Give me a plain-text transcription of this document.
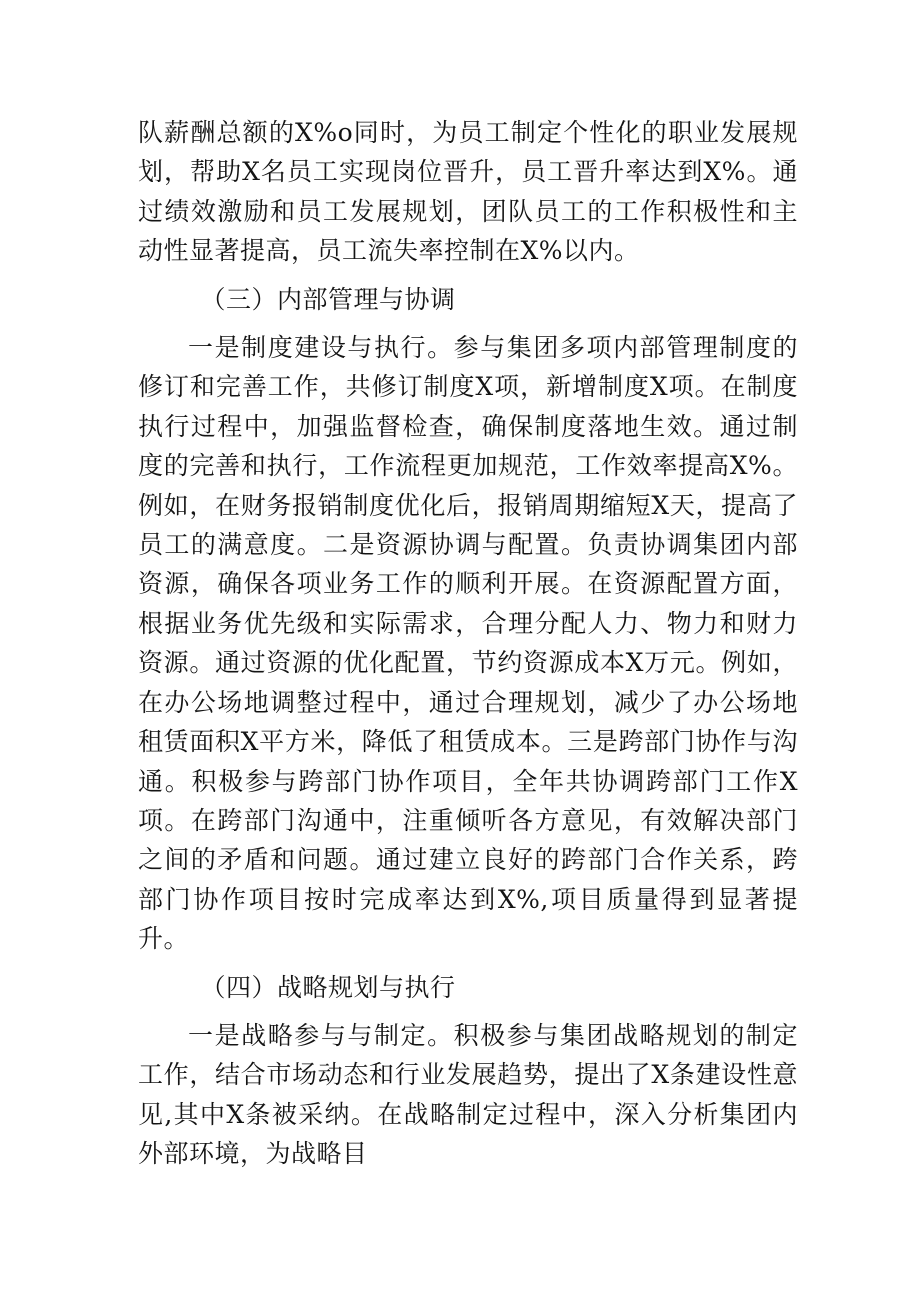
队薪酬总额的X%o同时，为员工制定个性化的职业发展规划，帮助X名员工实现岗位晋升，员工晋升率达到X%。通过绩效激励和员工发展规划，团队员工的工作积极性和主动性显著提高，员工流失率控制在X%以内。

（三）内部管理与协调

一是制度建设与执行。参与集团多项内部管理制度的修订和完善工作，共修订制度X项，新增制度X项。在制度执行过程中，加强监督检查，确保制度落地生效。通过制度的完善和执行，工作流程更加规范，工作效率提高X%。例如，在财务报销制度优化后，报销周期缩短X天，提高了员工的满意度。二是资源协调与配置。负责协调集团内部资源，确保各项业务工作的顺利开展。在资源配置方面，根据业务优先级和实际需求，合理分配人力、物力和财力资源。通过资源的优化配置，节约资源成本X万元。例如，在办公场地调整过程中，通过合理规划，减少了办公场地租赁面积X平方米，降低了租赁成本。三是跨部门协作与沟通。积极参与跨部门协作项目，全年共协调跨部门工作X项。在跨部门沟通中，注重倾听各方意见，有效解决部门之间的矛盾和问题。通过建立良好的跨部门合作关系，跨部门协作项目按时完成率达到X%,项目质量得到显著提升。

（四）战略规划与执行

一是战略参与与制定。积极参与集团战略规划的制定工作，结合市场动态和行业发展趋势，提出了X条建设性意见,其中X条被采纳。在战略制定过程中，深入分析集团内外部环境，为战略目
